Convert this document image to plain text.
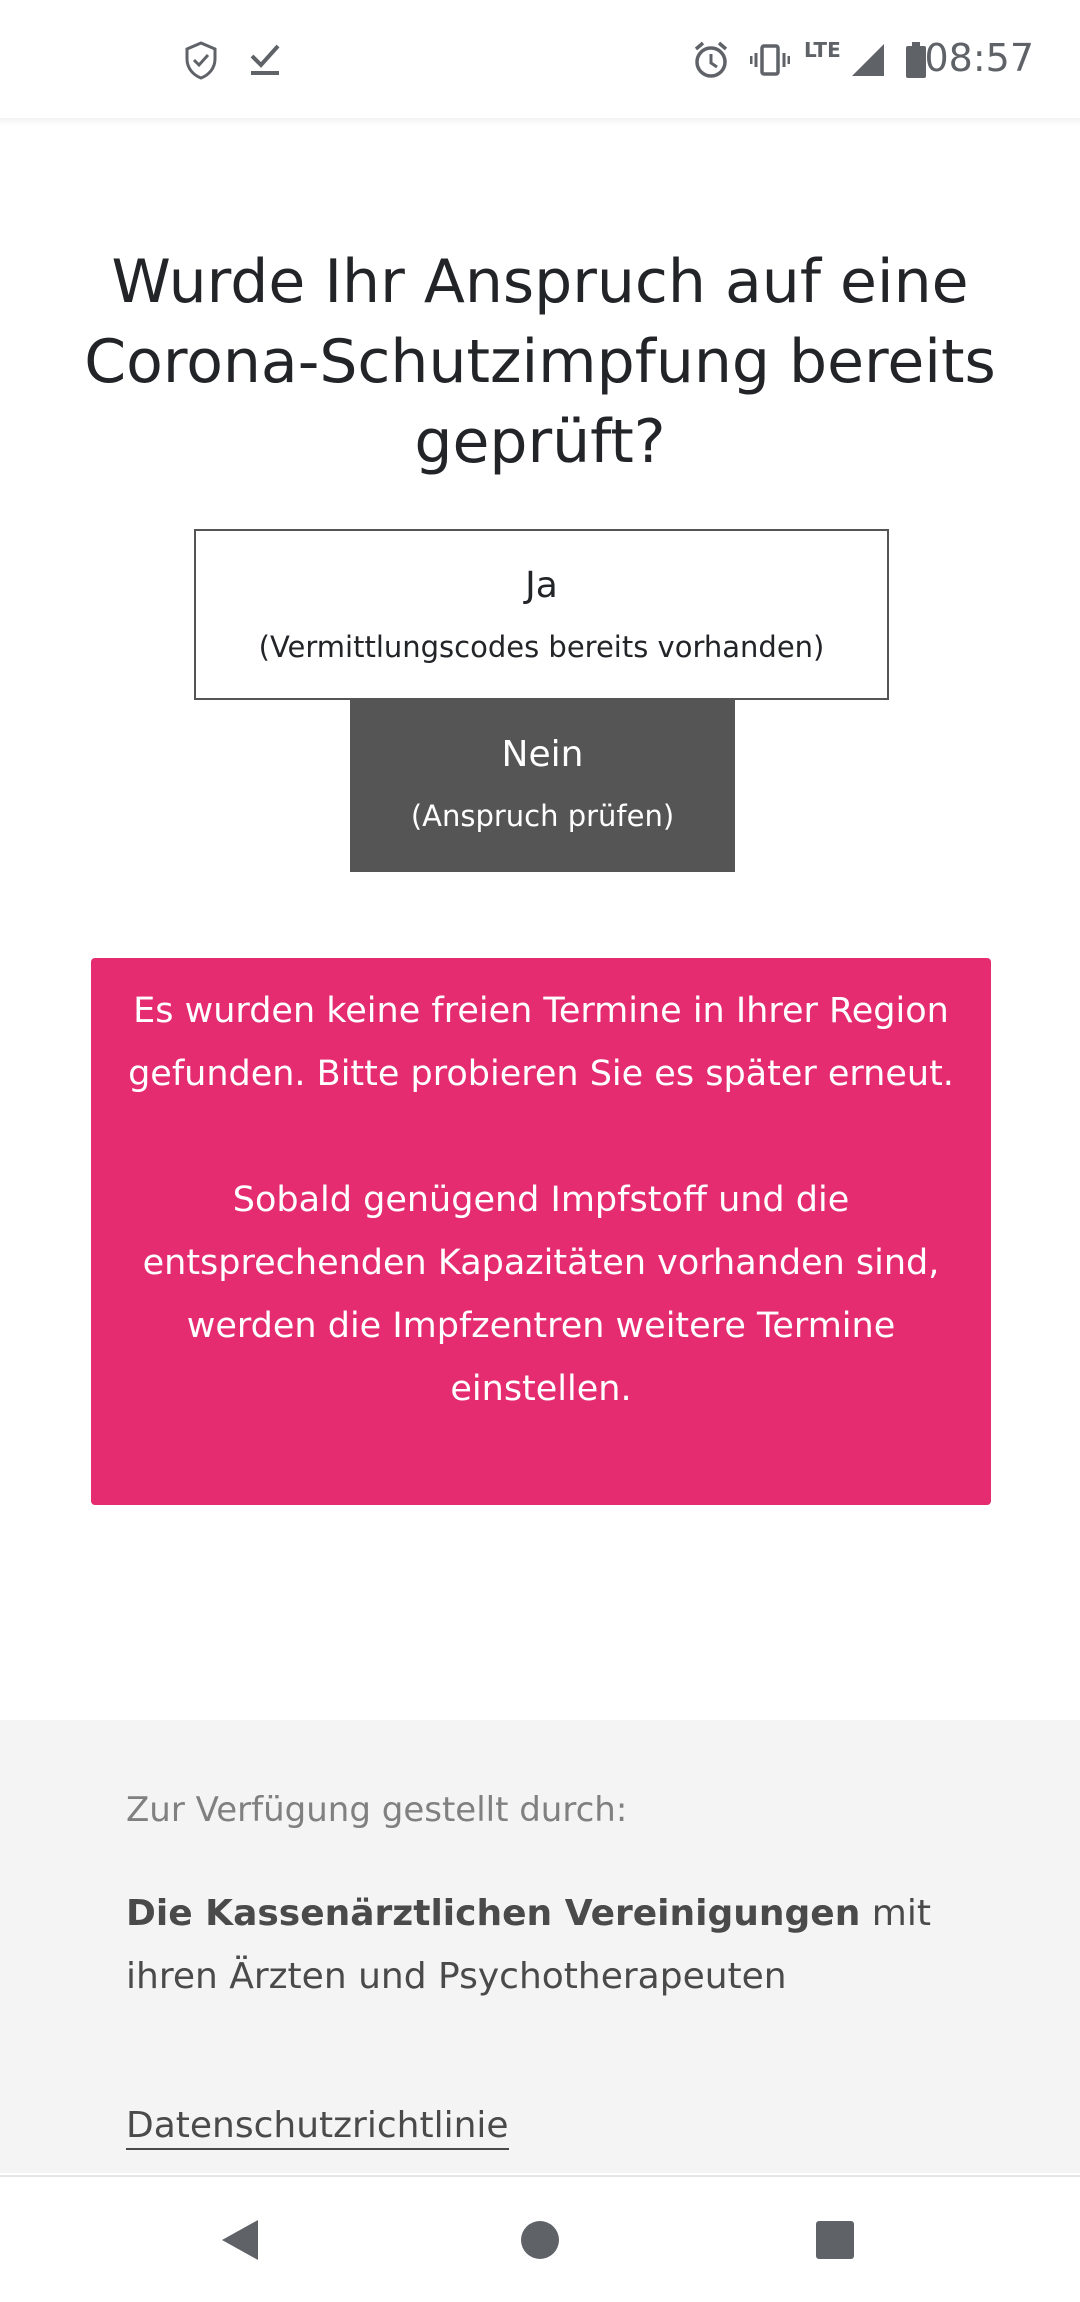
LTE 08:57
Wurde Ihr Anspruch auf eine Corona-Schutzimpfung bereits geprüft?
Ja
(Vermittlungscodes bereits vorhanden)
Nein
(Anspruch prüfen)

Es wurden keine freien Termine in Ihrer Region gefunden. Bitte probieren Sie es später erneut.

Sobald genügend Impfstoff und die entsprechenden Kapazitäten vorhanden sind, werden die Impfzentren weitere Termine einstellen.

Zur Verfügung gestellt durch:
Die Kassenärztlichen Vereinigungen mit ihren Ärzten und Psychotherapeuten
Datenschutzrichtlinie
